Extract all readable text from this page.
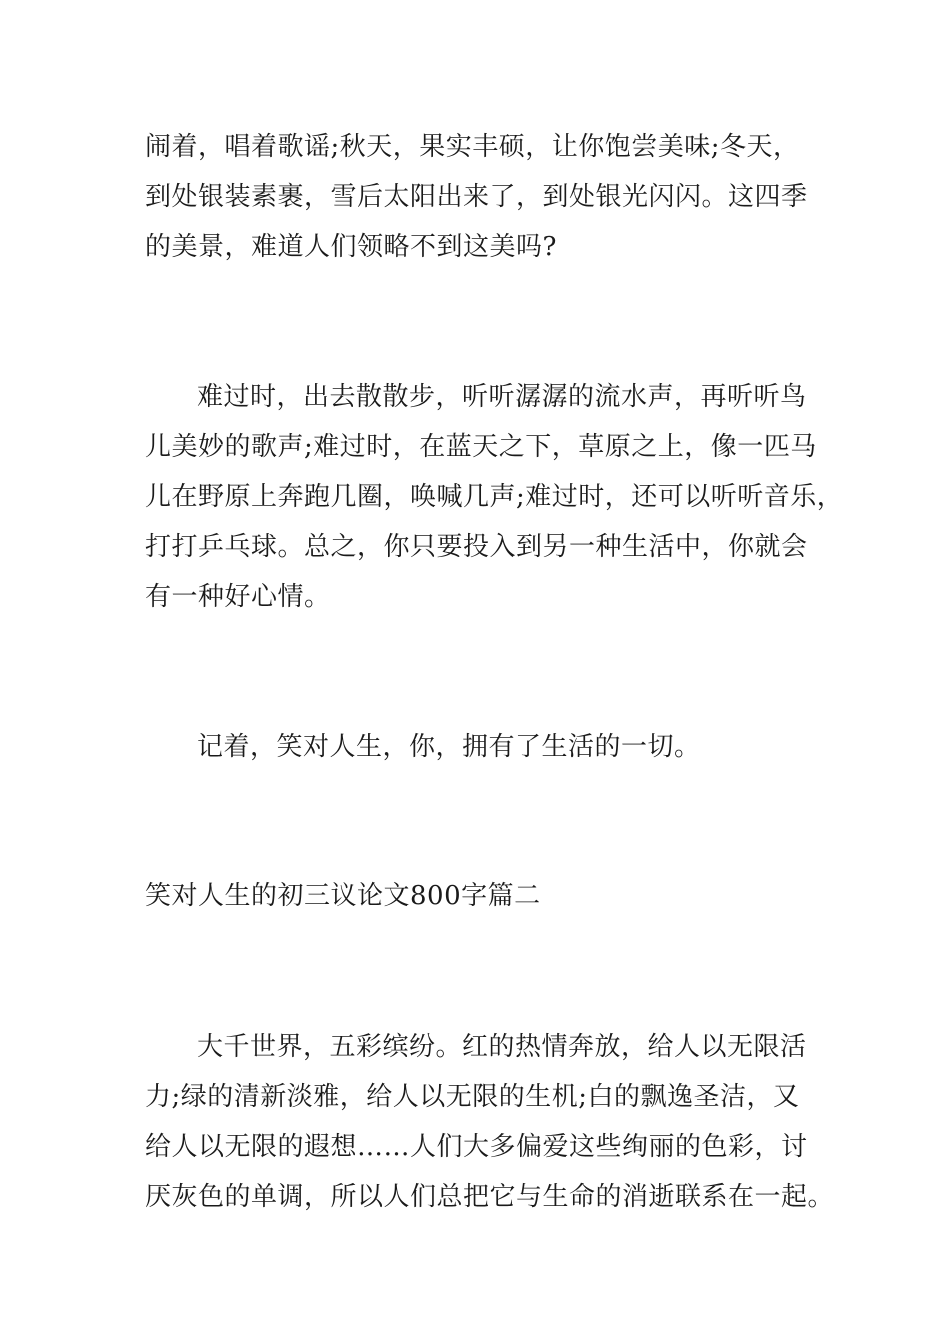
闹着，唱着歌谣;秋天，果实丰硕，让你饱尝美味;冬天，
到处银装素裹，雪后太阳出来了，到处银光闪闪。这四季
的美景，难道人们领略不到这美吗?
难过时，出去散散步，听听潺潺的流水声，再听听鸟
儿美妙的歌声;难过时，在蓝天之下，草原之上，像一匹马
儿在野原上奔跑几圈，唤喊几声;难过时，还可以听听音乐，
打打乒乓球。总之，你只要投入到另一种生活中，你就会
有一种好心情。
记着，笑对人生，你，拥有了生活的一切。
笑对人生的初三议论文800字篇二
大千世界，五彩缤纷。红的热情奔放，给人以无限活
力;绿的清新淡雅，给人以无限的生机;白的飘逸圣洁，又
给人以无限的遐想……人们大多偏爱这些绚丽的色彩，讨
厌灰色的单调，所以人们总把它与生命的消逝联系在一起。
